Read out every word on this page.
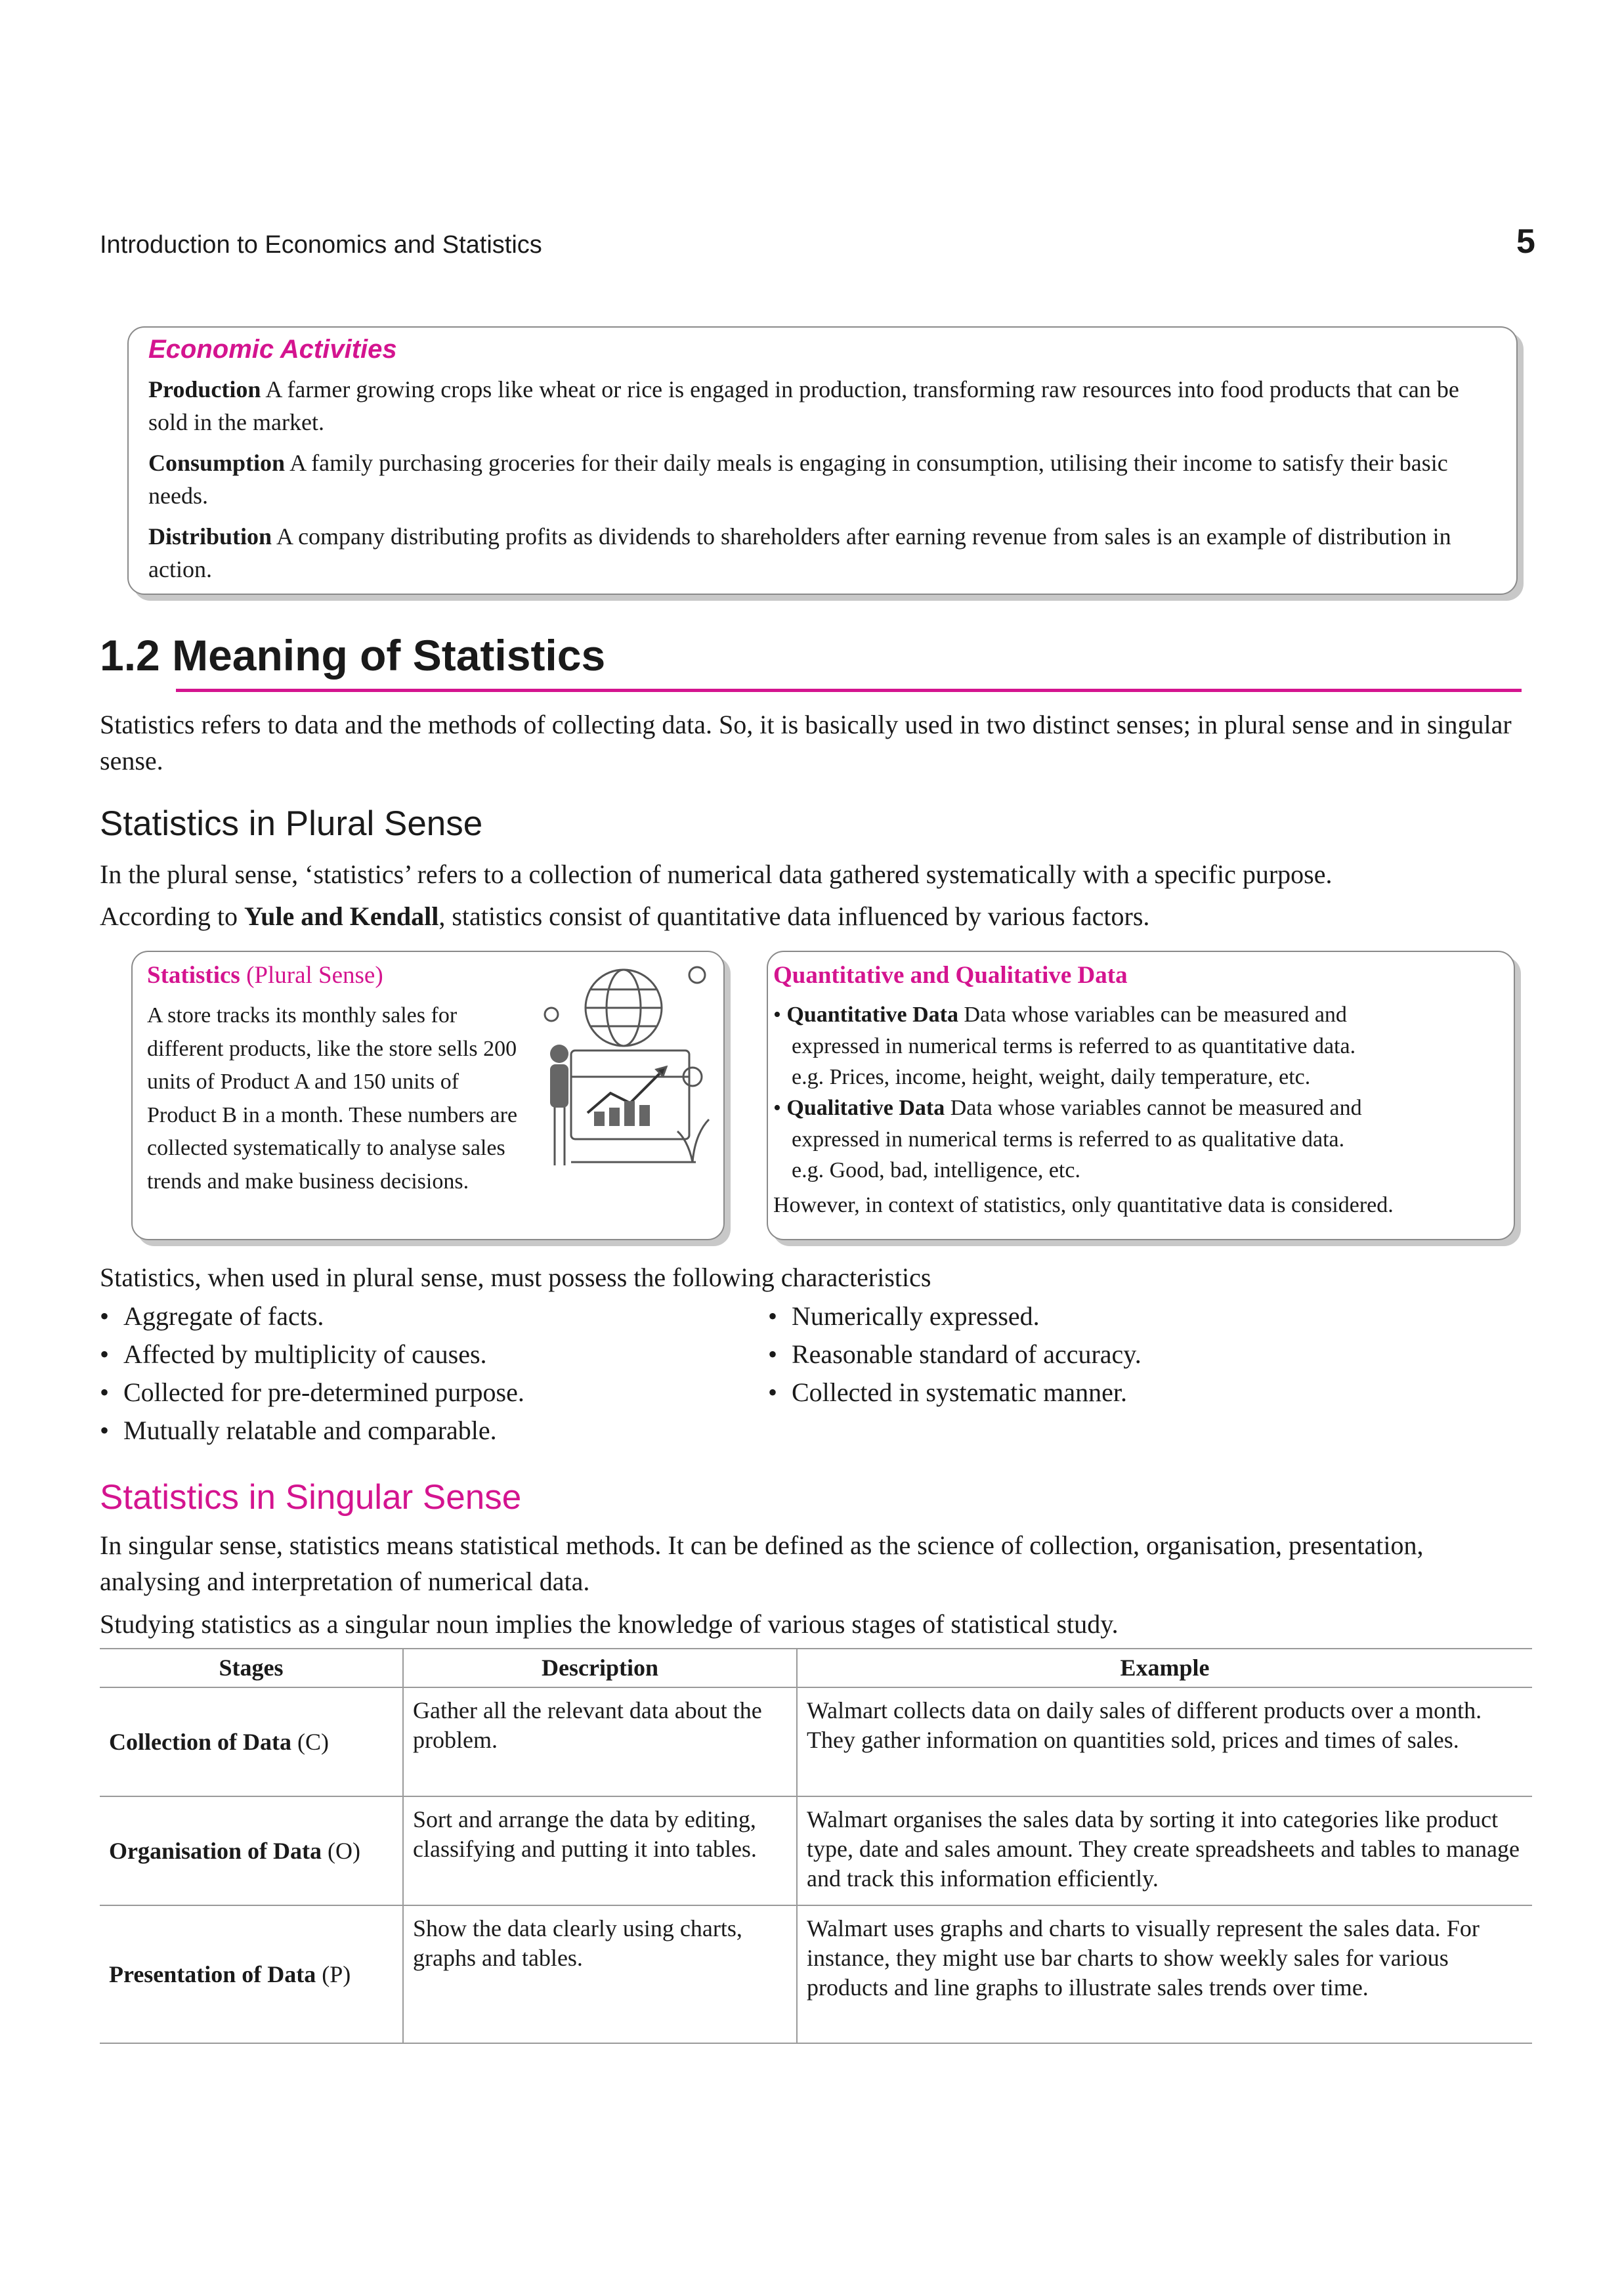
Introduction to Economics and Statistics	5
Economic Activities
Production A farmer growing crops like wheat or rice is engaged in production, transforming raw resources into food products that can be sold in the market.
Consumption A family purchasing groceries for their daily meals is engaging in consumption, utilising their income to satisfy their basic needs.
Distribution A company distributing profits as dividends to shareholders after earning revenue from sales is an example of distribution in action.
1.2 Meaning of Statistics
Statistics refers to data and the methods of collecting data. So, it is basically used in two distinct senses; in plural sense and in singular sense.
Statistics in Plural Sense
In the plural sense, ‘statistics’ refers to a collection of numerical data gathered systematically with a specific purpose.
According to Yule and Kendall, statistics consist of quantitative data influenced by various factors.
Statistics (Plural Sense)
A store tracks its monthly sales for different products, like the store sells 200 units of Product A and 150 units of Product B in a month. These numbers are collected systematically to analyse sales trends and make business decisions.
Quantitative and Qualitative Data
• Quantitative Data Data whose variables can be measured and
expressed in numerical terms is referred to as quantitative data.
e.g. Prices, income, height, weight, daily temperature, etc.
• Qualitative Data Data whose variables cannot be measured and
expressed in numerical terms is referred to as qualitative data.
e.g. Good, bad, intelligence, etc.
However, in context of statistics, only quantitative data is considered.
Statistics, when used in plural sense, must possess the following characteristics
• Aggregate of facts.
• Affected by multiplicity of causes.
• Collected for pre-determined purpose.
• Mutually relatable and comparable.
• Numerically expressed.
• Reasonable standard of accuracy.
• Collected in systematic manner.
Statistics in Singular Sense
In singular sense, statistics means statistical methods. It can be defined as the science of collection, organisation, presentation, analysing and interpretation of numerical data.
Studying statistics as a singular noun implies the knowledge of various stages of statistical study.
Stages	Description	Example
Collection of Data (C)	Gather all the relevant data about the problem.	Walmart collects data on daily sales of different products over a month. They gather information on quantities sold, prices and times of sales.
Organisation of Data (O)	Sort and arrange the data by editing, classifying and putting it into tables.	Walmart organises the sales data by sorting it into categories like product type, date and sales amount. They create spreadsheets and tables to manage and track this information efficiently.
Presentation of Data (P)	Show the data clearly using charts, graphs and tables.	Walmart uses graphs and charts to visually represent the sales data. For instance, they might use bar charts to show weekly sales for various products and line graphs to illustrate sales trends over time.
